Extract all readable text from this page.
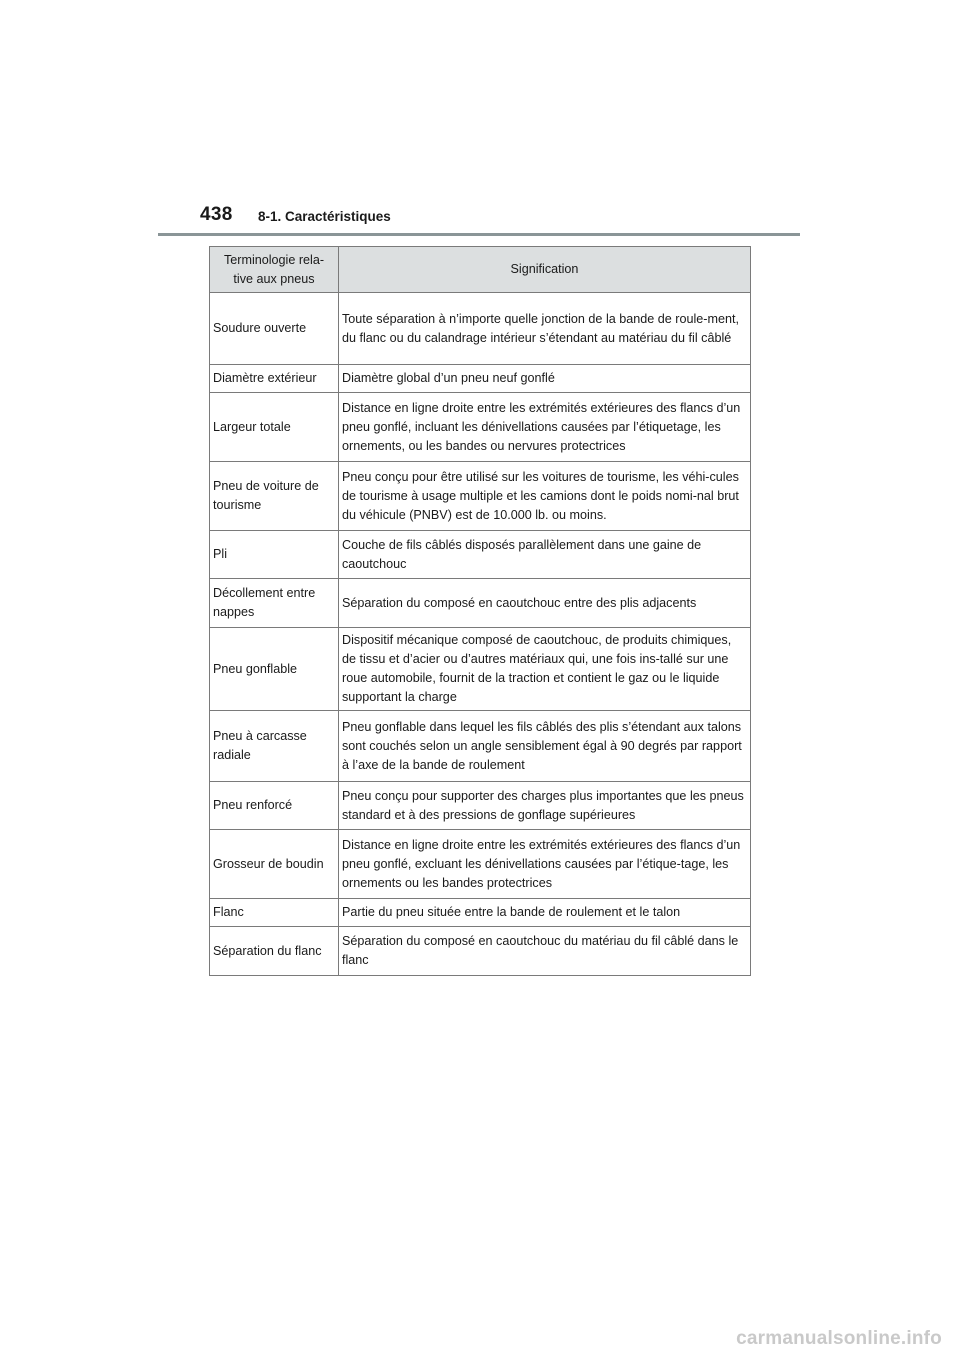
438 8-1. Caractéristiques
Terminologie rela-
tive aux pneus	Signification
Soudure ouverte	Toute séparation à n’importe quelle jonction de la bande de roule-ment, du flanc ou du calandrage intérieur s’étendant au matériau du fil câblé
Diamètre extérieur	Diamètre global d’un pneu neuf gonflé
Largeur totale	Distance en ligne droite entre les extrémités extérieures des flancs d’un pneu gonflé, incluant les dénivellations causées par l’étiquetage, les ornements, ou les bandes ou nervures protectrices
Pneu de voiture de tourisme	Pneu conçu pour être utilisé sur les voitures de tourisme, les véhi-cules de tourisme à usage multiple et les camions dont le poids nomi-nal brut du véhicule (PNBV) est de 10.000 lb. ou moins.
Pli	Couche de fils câblés disposés parallèlement dans une gaine de caoutchouc
Décollement entre nappes	Séparation du composé en caoutchouc entre des plis adjacents
Pneu gonflable	Dispositif mécanique composé de caoutchouc, de produits chimiques, de tissu et d’acier ou d’autres matériaux qui, une fois ins-tallé sur une roue automobile, fournit de la traction et contient le gaz ou le liquide supportant la charge
Pneu à carcasse radiale	Pneu gonflable dans lequel les fils câblés des plis s’étendant aux talons sont couchés selon un angle sensiblement égal à 90 degrés par rapport à l’axe de la bande de roulement
Pneu renforcé	Pneu conçu pour supporter des charges plus importantes que les pneus standard et à des pressions de gonflage supérieures
Grosseur de boudin	Distance en ligne droite entre les extrémités extérieures des flancs d’un pneu gonflé, excluant les dénivellations causées par l’étique-tage, les ornements ou les bandes protectrices
Flanc	Partie du pneu située entre la bande de roulement et le talon
Séparation du flanc	Séparation du composé en caoutchouc du matériau du fil câblé dans le flanc
carmanualsonline.info
